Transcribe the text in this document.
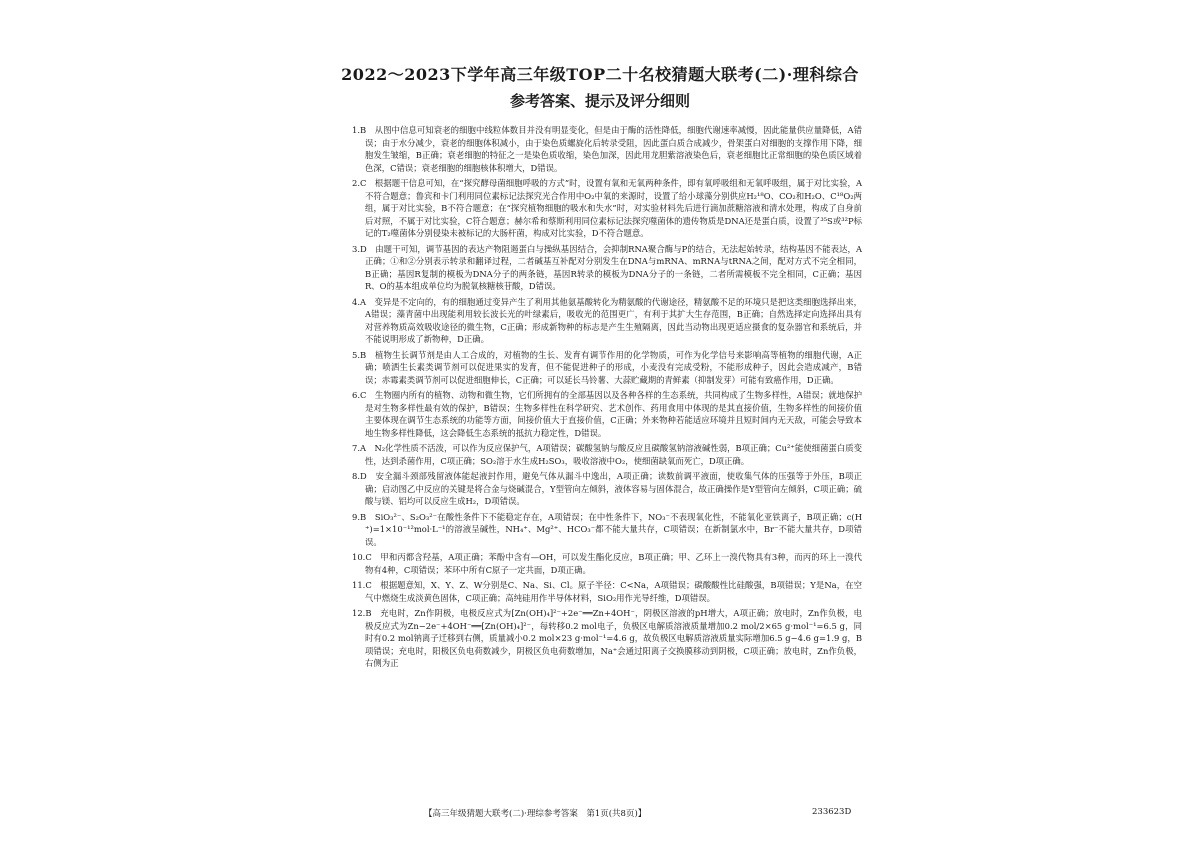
2022～2023下学年高三年级TOP二十名校猜题大联考(二)·理科综合
参考答案、提示及评分细则

1.B　 从图中信息可知衰老的细胞中线粒体数目并没有明显变化，但是由于酶的活性降低，细胞代谢速率减慢，因此能量供应量降低，A错误；由于水分减少，衰老的细胞体积减小，由于染色质螺旋化后转录受阻，因此蛋白质合成减少，骨架蛋白对细胞的支撑作用下降，细胞发生皱缩，B正确；衰老细胞的特征之一是染色质收缩，染色加深，因此用龙胆紫溶液染色后，衰老细胞比正常细胞的染色质区域着色深，C错误；衰老细胞的细胞核体积增大，D错误。

2.C　 根据题干信息可知，在“探究酵母菌细胞呼吸的方式”时，设置有氧和无氧两种条件，即有氧呼吸组和无氧呼吸组，属于对比实验，A不符合题意；鲁宾和卡门利用同位素标记法探究光合作用中O₂中氧的来源时，设置了给小球藻分别供应H₂¹⁸O、CO₂和H₂O、C¹⁸O₂两组，属于对比实验，B不符合题意；在“探究植物细胞的吸水和失水”时，对实验材料先后进行滴加蔗糖溶液和清水处理，构成了自身前后对照，不属于对比实验，C符合题意；赫尔希和蔡斯利用同位素标记法探究噬菌体的遗传物质是DNA还是蛋白质，设置了³⁵S或³²P标记的T₂噬菌体分别侵染未被标记的大肠杆菌，构成对比实验，D不符合题意。

3.D　 由题干可知，调节基因的表达产物阻遏蛋白与操纵基因结合，会抑制RNA聚合酶与P的结合，无法起始转录，结构基因不能表达，A正确；①和②分别表示转录和翻译过程，二者碱基互补配对分别发生在DNA与mRNA、mRNA与tRNA之间，配对方式不完全相同，B正确；基因R复制的模板为DNA分子的两条链，基因R转录的模板为DNA分子的一条链，二者所需模板不完全相同，C正确；基因R、O的基本组成单位均为脱氧核糖核苷酸，D错误。

4.A　 变异是不定向的，有的细胞通过变异产生了利用其他氨基酸转化为精氨酸的代谢途径，精氨酸不足的环境只是把这类细胞选择出来，A错误；藻青菌中出现能利用较长波长光的叶绿素后，吸收光的范围更广，有利于其扩大生存范围，B正确；自然选择定向选择出具有对营养物质高效吸收途径的微生物，C正确；形成新物种的标志是产生生殖隔离，因此当动物出现更适应摄食的复杂器官和系统后，并不能说明形成了新物种，D正确。

5.B　 植物生长调节剂是由人工合成的，对植物的生长、发育有调节作用的化学物质，可作为化学信号来影响高等植物的细胞代谢，A正确；喷洒生长素类调节剂可以促进果实的发育，但不能促进种子的形成，小麦没有完成受粉，不能形成种子，因此会造成减产，B错误；赤霉素类调节剂可以促进细胞伸长，C正确；可以延长马铃薯、大蒜贮藏期的青鲜素（抑制发芽）可能有致癌作用，D正确。

6.C　 生物圈内所有的植物、动物和微生物，它们所拥有的全部基因以及各种各样的生态系统，共同构成了生物多样性，A错误；就地保护是对生物多样性最有效的保护，B错误；生物多样性在科学研究、艺术创作、药用食用中体现的是其直接价值，生物多样性的间接价值主要体现在调节生态系统的功能等方面，间接价值大于直接价值，C正确；外来物种若能适应环境并且短时间内无天敌，可能会导致本地生物多样性降低，这会降低生态系统的抵抗力稳定性，D错误。

7.A　 N₂化学性质不活泼，可以作为反应保护气，A项错误；碳酸氢钠与酸反应且碳酸氢钠溶液碱性弱，B项正确；Cu²⁺能使细菌蛋白质变性，达到杀菌作用，C项正确；SO₂溶于水生成H₂SO₃，吸收溶液中O₂，使细菌缺氧而死亡，D项正确。

8.D　 安全漏斗颈部残留液体能起液封作用，避免气体从漏斗中逸出，A项正确；读数前调平液面，使收集气体的压强等于外压，B项正确；启动图乙中反应的关键是将合金与烧碱混合，Y型管向左倾斜，液体容易与固体混合，故正确操作是Y型管向左倾斜，C项正确；硫酸与镁、铝均可以反应生成H₂，D项错误。

9.B　 SiO₃²⁻、S₂O₃²⁻在酸性条件下不能稳定存在，A项错误；在中性条件下，NO₃⁻不表现氧化性，不能氧化亚铁离子，B项正确；c(H⁺)=1×10⁻¹²mol·L⁻¹的溶液呈碱性，NH₄⁺、Mg²⁺、HCO₃⁻都不能大量共存，C项错误；在新制氯水中，Br⁻不能大量共存，D项错误。

10.C　 甲和丙都含羟基，A项正确；苯酚中含有—OH，可以发生酯化反应，B项正确；甲、乙环上一溴代物具有3种，而丙的环上一溴代物有4种，C项错误；苯环中所有C原子一定共面，D项正确。

11.C　 根据题意知，X、Y、Z、W分别是C、Na、Si、Cl。原子半径：C<Na，A项错误；碳酸酸性比硅酸强，B项错误；Y是Na，在空气中燃烧生成淡黄色固体，C项正确；高纯硅用作半导体材料，SiO₂用作光导纤维，D项错误。

12.B　 充电时，Zn作阴极，电极反应式为[Zn(OH)₄]²⁻+2e⁻══Zn+4OH⁻，阴极区溶液的pH增大，A项正确；放电时，Zn作负极，电极反应式为Zn−2e⁻+4OH⁻══[Zn(OH)₄]²⁻，每转移0.2 mol电子，负极区电解质溶液质量增加0.2 mol/2×65 g·mol⁻¹=6.5 g，同时有0.2 mol钠离子迁移到右侧，质量减小0.2 mol×23 g·mol⁻¹=4.6 g，故负极区电解质溶液质量实际增加6.5 g−4.6 g=1.9 g，B项错误；充电时，阳极区负电荷数减少，阴极区负电荷数增加，Na⁺会通过阳离子交换膜移动到阴极，C项正确；放电时，Zn作负极，右侧为正

【高三年级猜题大联考(二)·理综参考答案　第1页(共8页)】	233623D
